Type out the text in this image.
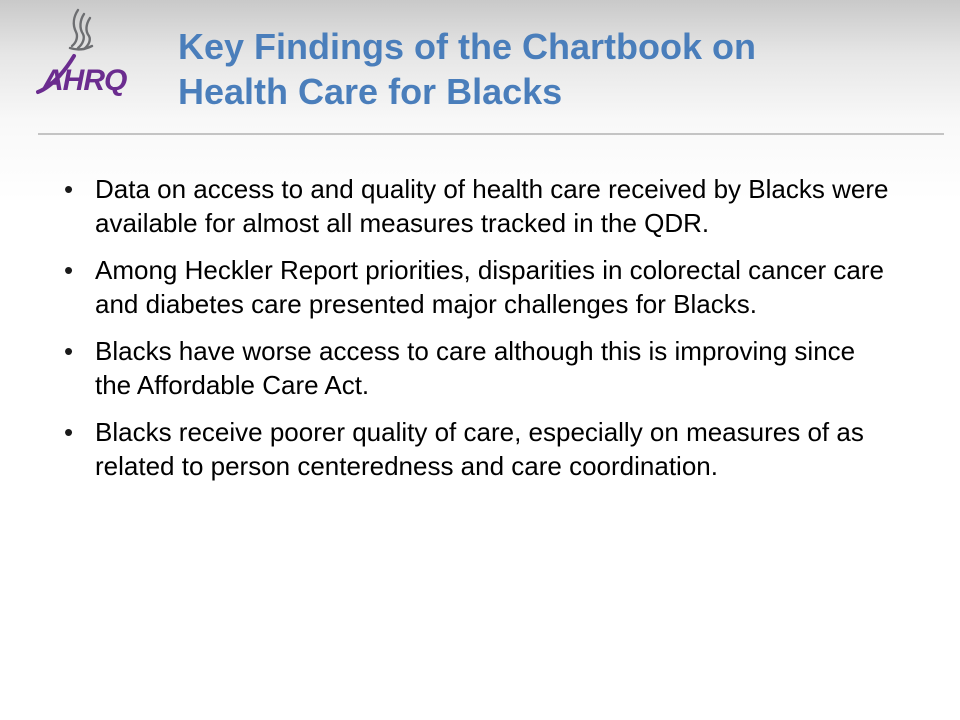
AHRQ
Key Findings of the Chartbook on
Health Care for Blacks
• Data on access to and quality of health care received by Blacks were available for almost all measures tracked in the QDR.
• Among Heckler Report priorities, disparities in colorectal cancer care and diabetes care presented major challenges for Blacks.
• Blacks have worse access to care although this is improving since the Affordable Care Act.
• Blacks receive poorer quality of care, especially on measures of as related to person centeredness and care coordination.
